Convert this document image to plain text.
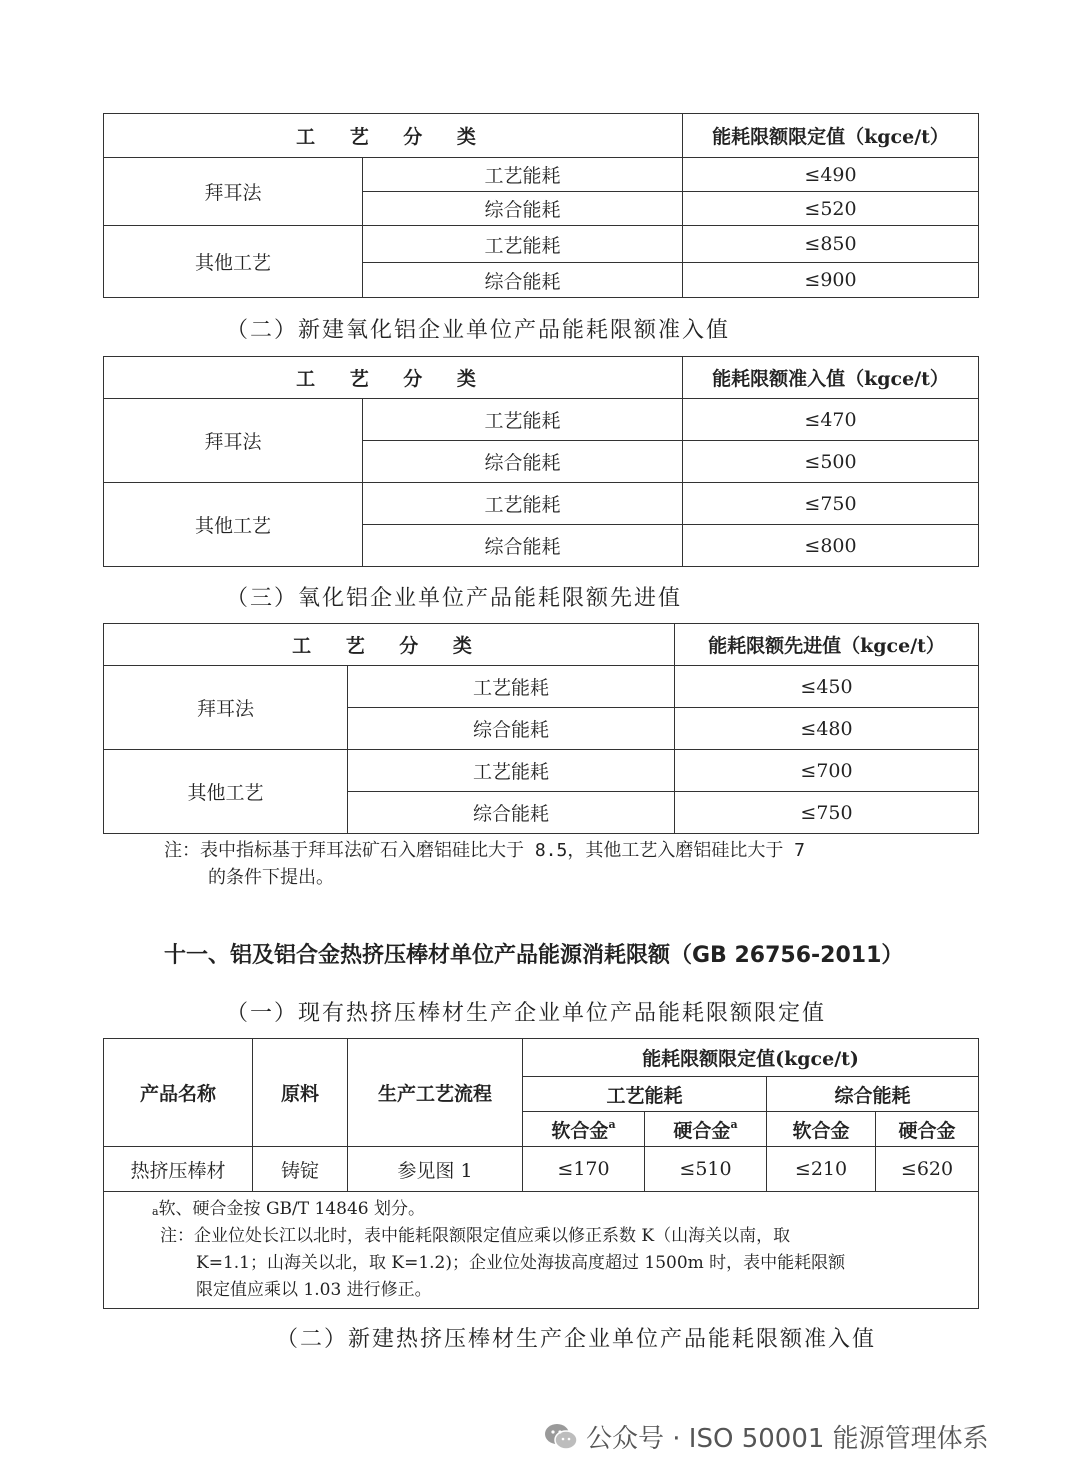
工 艺 分 类		能耗限额限定值（kgce/t）
拜耳法	工艺能耗	≤490
	综合能耗	≤520
其他工艺	工艺能耗	≤850
	综合能耗	≤900
（二）新建氧化铝企业单位产品能耗限额准入值
工 艺 分 类		能耗限额准入值（kgce/t）
拜耳法	工艺能耗	≤470
	综合能耗	≤500
其他工艺	工艺能耗	≤750
	综合能耗	≤800
（三）氧化铝企业单位产品能耗限额先进值
工 艺 分 类		能耗限额先进值（kgce/t）
拜耳法	工艺能耗	≤450
	综合能耗	≤480
其他工艺	工艺能耗	≤700
	综合能耗	≤750
注：表中指标基于拜耳法矿石入磨铝硅比大于 8.5，其他工艺入磨铝硅比大于 7
的条件下提出。
十一、铝及铝合金热挤压棒材单位产品能源消耗限额（GB 26756-2011）
（一）现有热挤压棒材生产企业单位产品能耗限额限定值
产品名称	原料	生产工艺流程	能耗限额限定值(kgce/t)			
			工艺能耗		综合能耗	
			软合金$^a$	硬合金$^a$	软合金	硬合金
热挤压棒材	铸锭	参见图 1	≤170	≤510	≤210	≤620

$^a$软、硬合金按 GB/T 14846 划分。
注：企业位处长江以北时，表中能耗限额限定值应乘以修正系数 K（山海关以南，取
K=1.1；山海关以北，取 K=1.2)；企业位处海拔高度超过 1500m 时，表中能耗限额
限定值应乘以 1.03 进行修正。						
（二）新建热挤压棒材生产企业单位产品能耗限额准入值
公众号 · ISO 50001 能源管理体系
